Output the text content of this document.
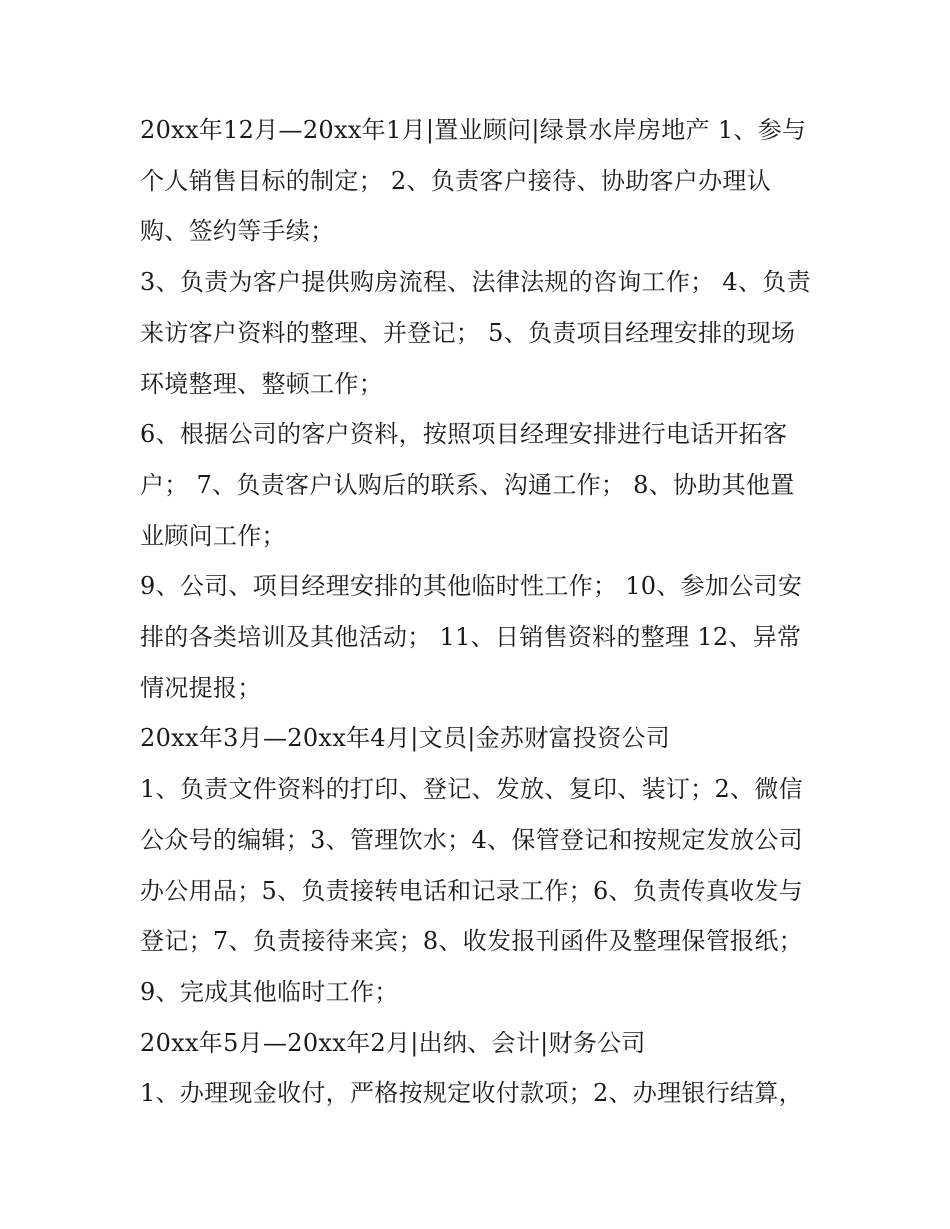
20xx年12月—20xx年1月|置业顾问|绿景水岸房地产 1、参与个人销售目标的制定； 2、负责客户接待、协助客户办理认购、签约等手续；

3、负责为客户提供购房流程、法律法规的咨询工作； 4、负责来访客户资料的整理、并登记； 5、负责项目经理安排的现场环境整理、整顿工作；

6、根据公司的客户资料，按照项目经理安排进行电话开拓客户； 7、负责客户认购后的联系、沟通工作； 8、协助其他置业顾问工作；

9、公司、项目经理安排的其他临时性工作； 10、参加公司安排的各类培训及其他活动； 11、日销售资料的整理 12、异常情况提报；

20xx年3月—20xx年4月|文员|金苏财富投资公司

1、负责文件资料的打印、登记、发放、复印、装订；2、微信公众号的编辑；3、管理饮水；4、保管登记和按规定发放公司办公用品；5、负责接转电话和记录工作；6、负责传真收发与登记；7、负责接待来宾；8、收发报刊函件及整理保管报纸；9、完成其他临时工作；

20xx年5月—20xx年2月|出纳、会计|财务公司

1、办理现金收付，严格按规定收付款项；2、办理银行结算，
